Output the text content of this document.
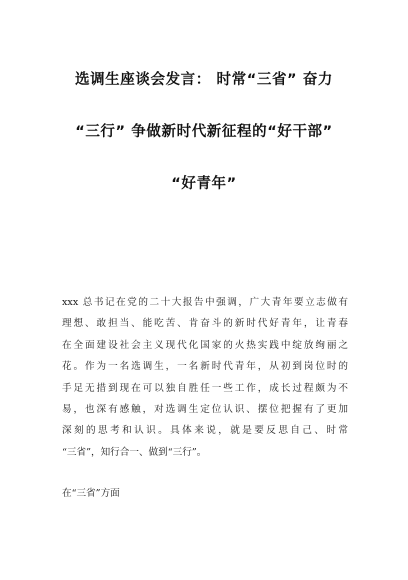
选调生座谈会发言： 时常“三省” 奋力
“三行” 争做新时代新征程的“好干部”
“好青年”
xxx 总书记在党的二十大报告中强调，广大青年要立志做有
理想、敢担当、能吃苦、肯奋斗的新时代好青年，让青春
在全面建设社会主义现代化国家的火热实践中绽放绚丽之
花。作为一名选调生，一名新时代青年，从初到岗位时的
手足无措到现在可以独自胜任一些工作，成长过程颇为不
易，也深有感触，对选调生定位认识、摆位把握有了更加
深刻的思考和认识。具体来说，就是要反思自己、时常
“三省”，知行合一、做到“三行”。
在“三省”方面
